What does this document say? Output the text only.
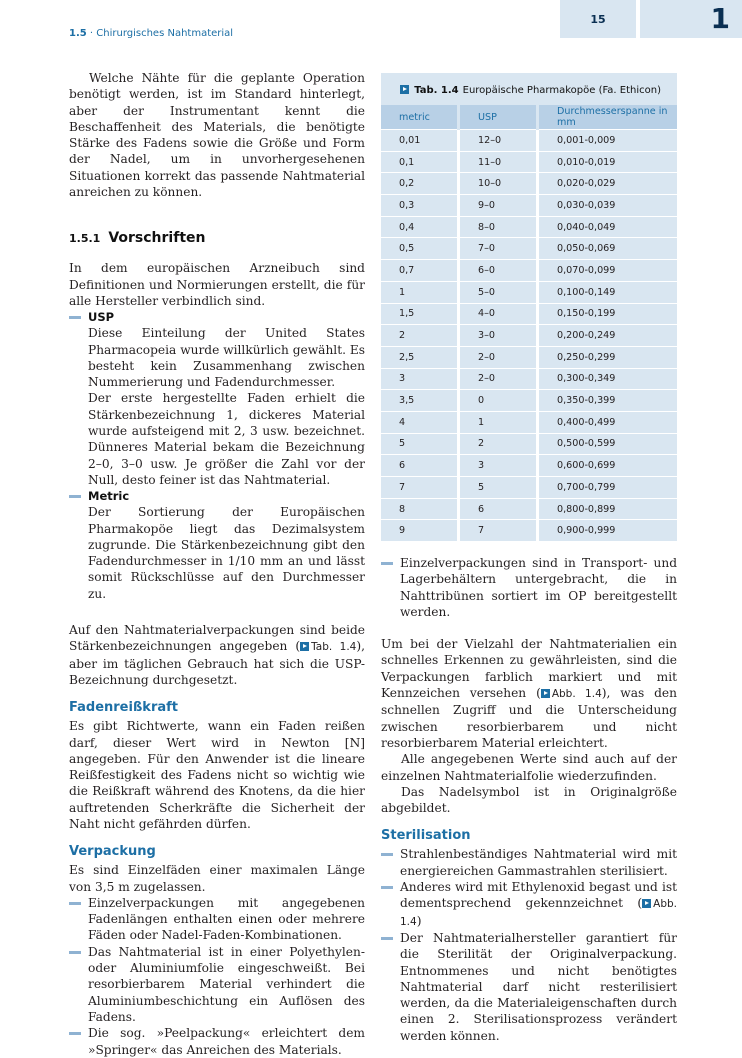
1.5 · Chirurgisches Nahtmaterial
15	1

Welche Nähte für die geplante Operation benötigt werden, ist im Standard hinterlegt, aber der Instrumentant kennt die Beschaffenheit des Materials, die benötigte Stärke des Fadens sowie die Größe und Form der Nadel, um in unvorhergesehenen Situationen korrekt das passende Nahtmaterial anreichen zu können.

1.5.1 Vorschriften

In dem europäischen Arzneibuch sind Definitionen und Normierungen erstellt, die für alle Hersteller verbindlich sind.

USP

Diese Einteilung der United States Pharmacopeia wurde willkürlich gewählt. Es besteht kein Zusammenhang zwischen Nummerierung und Fadendurchmesser.

Der erste hergestellte Faden erhielt die Stärkenbezeichnung 1, dickeres Material wurde aufsteigend mit 2, 3 usw. bezeichnet. Dünneres Material bekam die Bezeichnung 2–0, 3–0 usw. Je größer die Zahl vor der Null, desto feiner ist das Nahtmaterial.

Metric

Der Sortierung der Europäischen Pharmakopöe liegt das Dezimalsystem zugrunde. Die Stärkenbezeichnung gibt den Fadendurchmesser in 1/10 mm an und lässt somit Rückschlüsse auf den Durchmesser zu.

Auf den Nahtmaterialverpackungen sind beide Stärkenbezeichnungen angegeben ( Tab. 1.4), aber im täglichen Gebrauch hat sich die USP-Bezeichnung durchgesetzt.

Fadenreißkraft

Es gibt Richtwerte, wann ein Faden reißen darf, dieser Wert wird in Newton [N] angegeben. Für den Anwender ist die lineare Reißfestigkeit des Fadens nicht so wichtig wie die Reißkraft während des Knotens, da die hier auftretenden Scherkräfte die Sicherheit der Naht nicht gefährden dürfen.

Verpackung

Es sind Einzelfäden einer maximalen Länge von 3,5 m zugelassen.

Einzelverpackungen mit angegebenen Fadenlängen enthalten einen oder mehrere Fäden oder Nadel-Faden-Kombinationen.

Das Nahtmaterial ist in einer Polyethylen- oder Aluminiumfolie eingeschweißt. Bei resorbierbarem Material verhindert die Aluminiumbeschichtung ein Auflösen des Fadens.

Die sog. »Peelpackung« erleichtert dem »Springer« das Anreichen des Materials.

Tab. 1.4 Europäische Pharmakopöe (Fa. Ethicon)
metric	USP	Durchmesserspanne in mm
0,01	12–0	0,001-0,009
0,1	11–0	0,010-0,019
0,2	10–0	0,020-0,029
0,3	9–0	0,030-0,039
0,4	8–0	0,040-0,049
0,5	7–0	0,050-0,069
0,7	6–0	0,070-0,099
1	5–0	0,100-0,149
1,5	4–0	0,150-0,199
2	3–0	0,200-0,249
2,5	2–0	0,250-0,299
3	2–0	0,300-0,349
3,5	0	0,350-0,399
4	1	0,400-0,499
5	2	0,500-0,599
6	3	0,600-0,699
7	5	0,700-0,799
8	6	0,800-0,899
9	7	0,900-0,999

Einzelverpackungen sind in Transport- und Lagerbehältern untergebracht, die in Nahttribünen sortiert im OP bereitgestellt werden.

Um bei der Vielzahl der Nahtmaterialien ein schnelles Erkennen zu gewährleisten, sind die Verpackungen farblich markiert und mit Kennzeichen versehen ( Abb. 1.4), was den schnellen Zugriff und die Unterscheidung zwischen resorbierbarem und nicht resorbierbarem Material erleichtert.

Alle angegebenen Werte sind auch auf der einzelnen Nahtmaterialfolie wiederzufinden.

Das Nadelsymbol ist in Originalgröße abgebildet.

Sterilisation

Strahlenbeständiges Nahtmaterial wird mit energiereichen Gammastrahlen sterilisiert.

Anderes wird mit Ethylenoxid begast und ist dementsprechend gekennzeichnet ( Abb. 1.4)

Der Nahtmaterialhersteller garantiert für die Sterilität der Originalverpackung. Entnommenes und nicht benötigtes Nahtmaterial darf nicht resterilisiert werden, da die Materialeigenschaften durch einen 2. Sterilisationsprozess verändert werden können.
